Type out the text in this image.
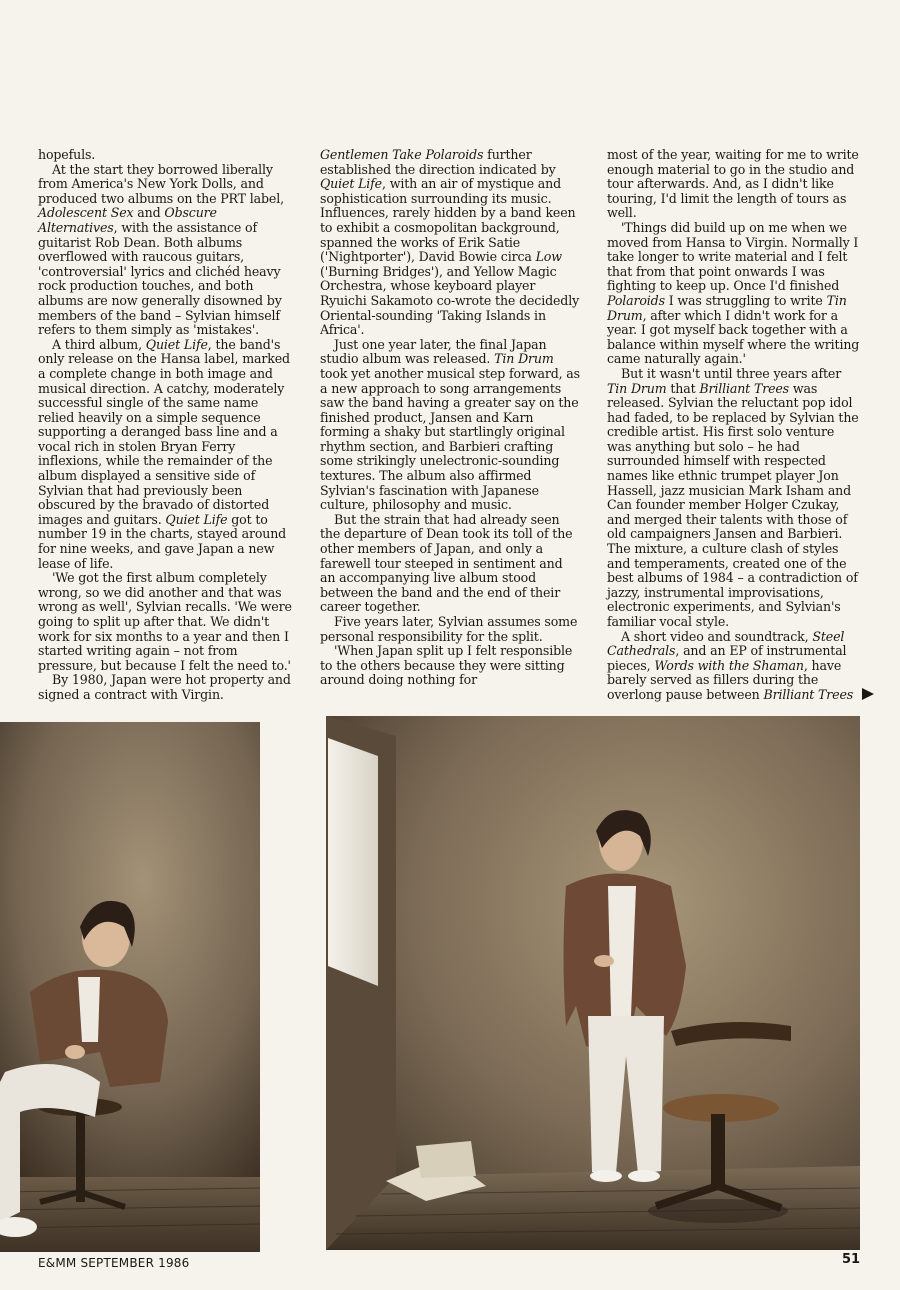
hopefuls.

At the start they borrowed liberally from America's New York Dolls, and produced two albums on the PRT label, Adolescent Sex and Obscure Alternatives, with the assistance of guitarist Rob Dean. Both albums overflowed with raucous guitars, 'controversial' lyrics and clichéd heavy rock production touches, and both albums are now generally disowned by members of the band – Sylvian himself refers to them simply as 'mistakes'.

A third album, Quiet Life, the band's only release on the Hansa label, marked a complete change in both image and musical direction. A catchy, moderately successful single of the same name relied heavily on a simple sequence supporting a deranged bass line and a vocal rich in stolen Bryan Ferry inflexions, while the remainder of the album displayed a sensitive side of Sylvian that had previously been obscured by the bravado of distorted images and guitars. Quiet Life got to number 19 in the charts, stayed around for nine weeks, and gave Japan a new lease of life.

'We got the first album completely wrong, so we did another and that was wrong as well', Sylvian recalls. 'We were going to split up after that. We didn't work for six months to a year and then I started writing again – not from pressure, but because I felt the need to.'

By 1980, Japan were hot property and signed a contract with Virgin.

Gentlemen Take Polaroids further established the direction indicated by Quiet Life, with an air of mystique and sophistication surrounding its music. Influences, rarely hidden by a band keen to exhibit a cosmopolitan background, spanned the works of Erik Satie ('Nightporter'), David Bowie circa Low ('Burning Bridges'), and Yellow Magic Orchestra, whose keyboard player Ryuichi Sakamoto co-wrote the decidedly Oriental-sounding 'Taking Islands in Africa'.

Just one year later, the final Japan studio album was released. Tin Drum took yet another musical step forward, as a new approach to song arrangements saw the band having a greater say on the finished product, Jansen and Karn forming a shaky but startlingly original rhythm section, and Barbieri crafting some strikingly unelectronic-sounding textures. The album also affirmed Sylvian's fascination with Japanese culture, philosophy and music.

But the strain that had already seen the departure of Dean took its toll of the other members of Japan, and only a farewell tour steeped in sentiment and an accompanying live album stood between the band and the end of their career together.

Five years later, Sylvian assumes some personal responsibility for the split.

'When Japan split up I felt responsible to the others because they were sitting around doing nothing for

most of the year, waiting for me to write enough material to go in the studio and tour afterwards. And, as I didn't like touring, I'd limit the length of tours as well.

'Things did build up on me when we moved from Hansa to Virgin. Normally I take longer to write material and I felt that from that point onwards I was fighting to keep up. Once I'd finished Polaroids I was struggling to write Tin Drum, after which I didn't work for a year. I got myself back together with a balance within myself where the writing came naturally again.'

But it wasn't until three years after Tin Drum that Brilliant Trees was released. Sylvian the reluctant pop idol had faded, to be replaced by Sylvian the credible artist. His first solo venture was anything but solo – he had surrounded himself with respected names like ethnic trumpet player Jon Hassell, jazz musician Mark Isham and Can founder member Holger Czukay, and merged their talents with those of old campaigners Jansen and Barbieri. The mixture, a culture clash of styles and temperaments, created one of the best albums of 1984 – a contradiction of jazzy, instrumental improvisations, electronic experiments, and Sylvian's familiar vocal style.

A short video and soundtrack, Steel Cathedrals, and an EP of instrumental pieces, Words with the Shaman, have barely served as fillers during the overlong pause between Brilliant Trees

E&MM SEPTEMBER 1986	51
